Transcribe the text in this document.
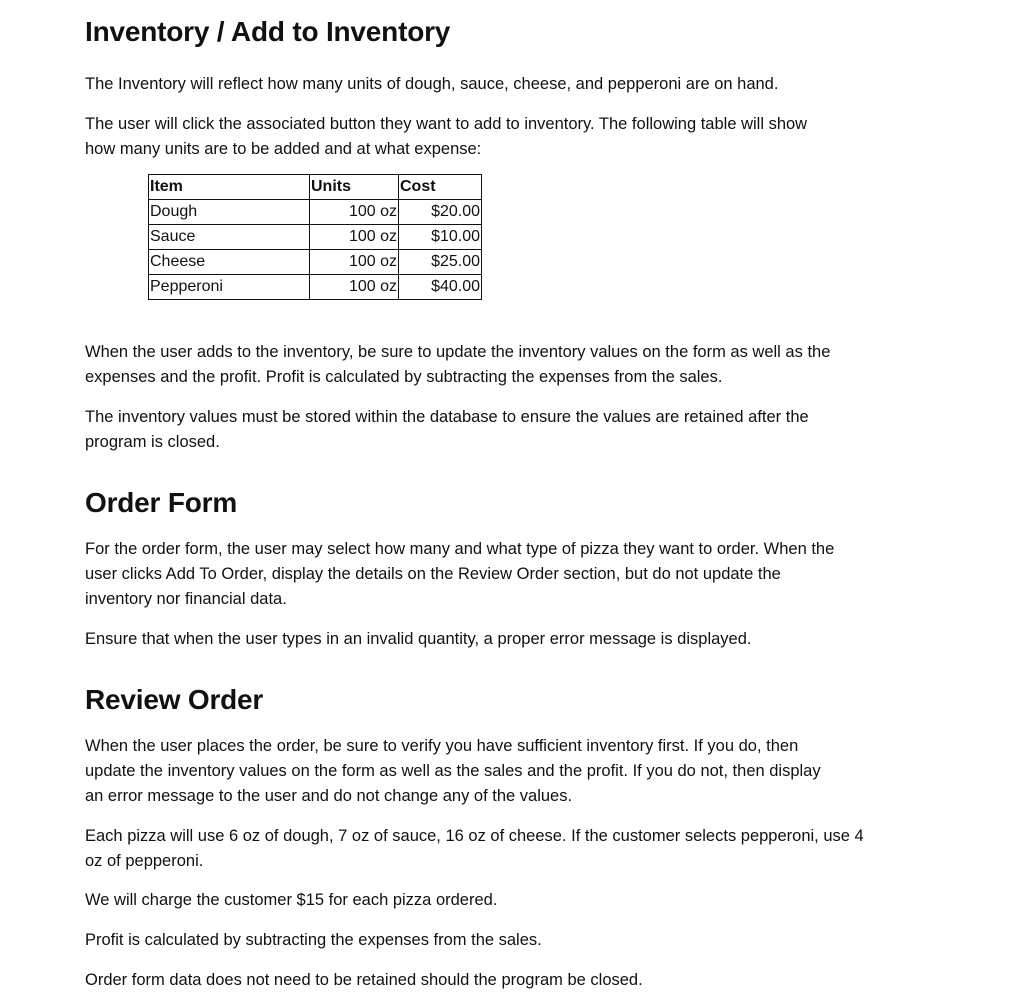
Inventory / Add to Inventory

The Inventory will reflect how many units of dough, sauce, cheese, and pepperoni are on hand.

The user will click the associated button they want to add to inventory. The following table will show

how many units are to be added and at what expense:

Item	Units	Cost
Dough	100 oz	$20.00
Sauce	100 oz	$10.00
Cheese	100 oz	$25.00
Pepperoni	100 oz	$40.00

When the user adds to the inventory, be sure to update the inventory values on the form as well as the

expenses and the profit. Profit is calculated by subtracting the expenses from the sales.

The inventory values must be stored within the database to ensure the values are retained after the

program is closed.

Order Form

For the order form, the user may select how many and what type of pizza they want to order. When the

user clicks Add To Order, display the details on the Review Order section, but do not update the

inventory nor financial data.

Ensure that when the user types in an invalid quantity, a proper error message is displayed.

Review Order

When the user places the order, be sure to verify you have sufficient inventory first. If you do, then

update the inventory values on the form as well as the sales and the profit. If you do not, then display

an error message to the user and do not change any of the values.

Each pizza will use 6 oz of dough, 7 oz of sauce, 16 oz of cheese. If the customer selects pepperoni, use 4

oz of pepperoni.

We will charge the customer $15 for each pizza ordered.

Profit is calculated by subtracting the expenses from the sales.

Order form data does not need to be retained should the program be closed.
